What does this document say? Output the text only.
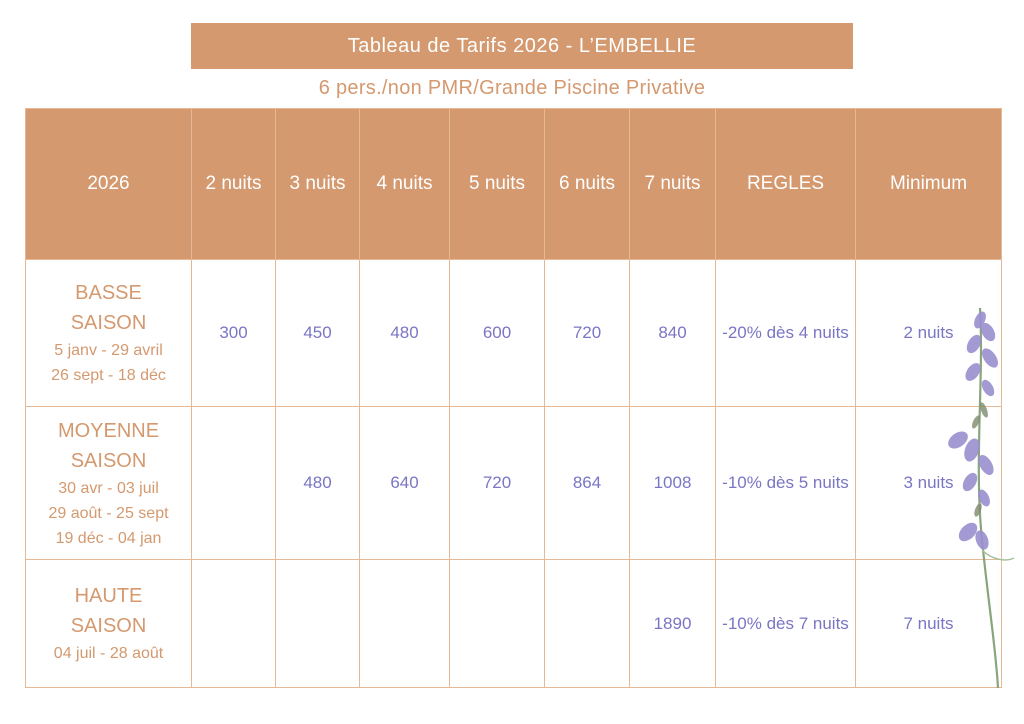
Tableau de Tarifs 2026 - L’EMBELLIE
6 pers./non PMR/Grande Piscine Privative
2026	2 nuits	3 nuits	4 nuits	5 nuits	6 nuits	7 nuits	REGLES	Minimum

BASSE
SAISON
5 janv - 29 avril
26 sept - 18 déc	300	450	480	600	720	840	-20% dès 4 nuits	2 nuits

MOYENNE
SAISON
30 avr - 03 juil
29 août - 25 sept
19 déc - 04 jan		480	640	720	864	1008	-10% dès 5 nuits	3 nuits

HAUTE
SAISON
04 juil - 28 août						1890	-10% dès 7 nuits	7 nuits
